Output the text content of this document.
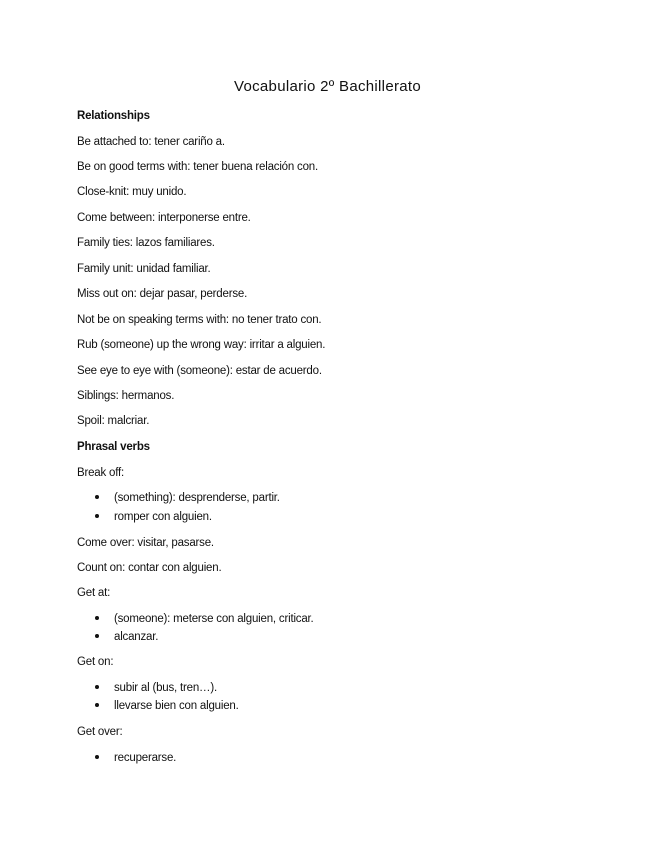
Vocabulario 2º Bachillerato
Relationships
Be attached to: tener cariño a.
Be on good terms with: tener buena relación con.
Close-knit: muy unido.
Come between: interponerse entre.
Family ties: lazos familiares.
Family unit: unidad familiar.
Miss out on: dejar pasar, perderse.
Not be on speaking terms with: no tener trato con.
Rub (someone) up the wrong way: irritar a alguien.
See eye to eye with (someone): estar de acuerdo.
Siblings: hermanos.
Spoil: malcriar.
Phrasal verbs
Break off:
(something): desprenderse, partir.
romper con alguien.
Come over: visitar, pasarse.
Count on: contar con alguien.
Get at:
(someone): meterse con alguien, criticar.
alcanzar.
Get on:
subir al (bus, tren…).
llevarse bien con alguien.
Get over:
recuperarse.
